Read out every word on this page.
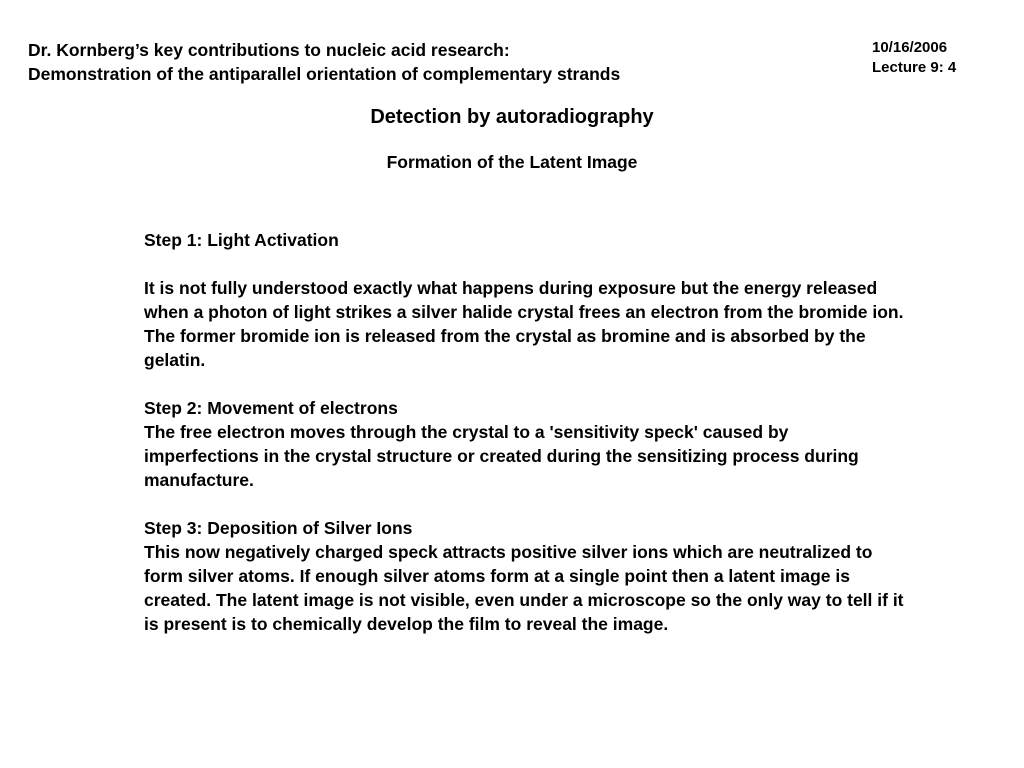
Dr. Kornberg’s key contributions to nucleic acid research:
Demonstration of the antiparallel orientation of complementary strands
10/16/2006
Lecture 9: 4
Detection by autoradiography
Formation of the Latent Image
Step 1: Light Activation
It is not fully understood exactly what happens during exposure but the energy released when a photon of light strikes a silver halide crystal frees an electron from the bromide ion. The former bromide ion is released from the crystal as bromine and is absorbed by the gelatin.
Step 2: Movement of electrons
The free electron moves through the crystal to a 'sensitivity speck' caused by imperfections in the crystal structure or created during the sensitizing process during manufacture.
Step 3: Deposition of Silver Ions
This now negatively charged speck attracts positive silver ions which are neutralized to form silver atoms. If enough silver atoms form at a single point then a latent image is created. The latent image is not visible, even under a microscope so the only way to tell if it is present is to chemically develop the film to reveal the image.
